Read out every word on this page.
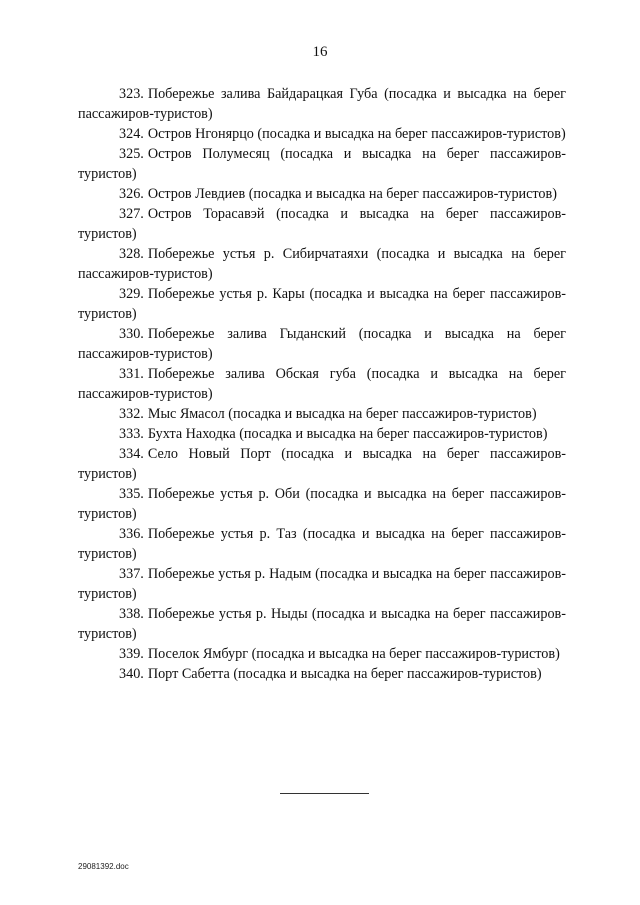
16

323. Побережье залива Байдарацкая Губа (посадка и высадка на берег пассажиров-туристов)

324. Остров Нгонярцо (посадка и высадка на берег пассажиров-туристов)

325. Остров Полумесяц (посадка и высадка на берег пассажиров-туристов)

326. Остров Левдиев (посадка и высадка на берег пассажиров-туристов)

327. Остров Торасавэй (посадка и высадка на берег пассажиров-туристов)

328. Побережье устья р. Сибирчатаяхи (посадка и высадка на берег пассажиров-туристов)

329. Побережье устья р. Кары (посадка и высадка на берег пассажиров-туристов)

330. Побережье залива Гыданский (посадка и высадка на берег пассажиров-туристов)

331. Побережье залива Обская губа (посадка и высадка на берег пассажиров-туристов)

332. Мыс Ямасол (посадка и высадка на берег пассажиров-туристов)

333. Бухта Находка (посадка и высадка на берег пассажиров-туристов)

334. Село Новый Порт (посадка и высадка на берег пассажиров-туристов)

335. Побережье устья р. Оби (посадка и высадка на берег пассажиров-туристов)

336. Побережье устья р. Таз (посадка и высадка на берег пассажиров-туристов)

337. Побережье устья р. Надым (посадка и высадка на берег пассажиров-туристов)

338. Побережье устья р. Ныды (посадка и высадка на берег пассажиров-туристов)

339. Поселок Ямбург (посадка и высадка на берег пассажиров-туристов)

340. Порт Сабетта (посадка и высадка на берег пассажиров-туристов)

29081392.doc
